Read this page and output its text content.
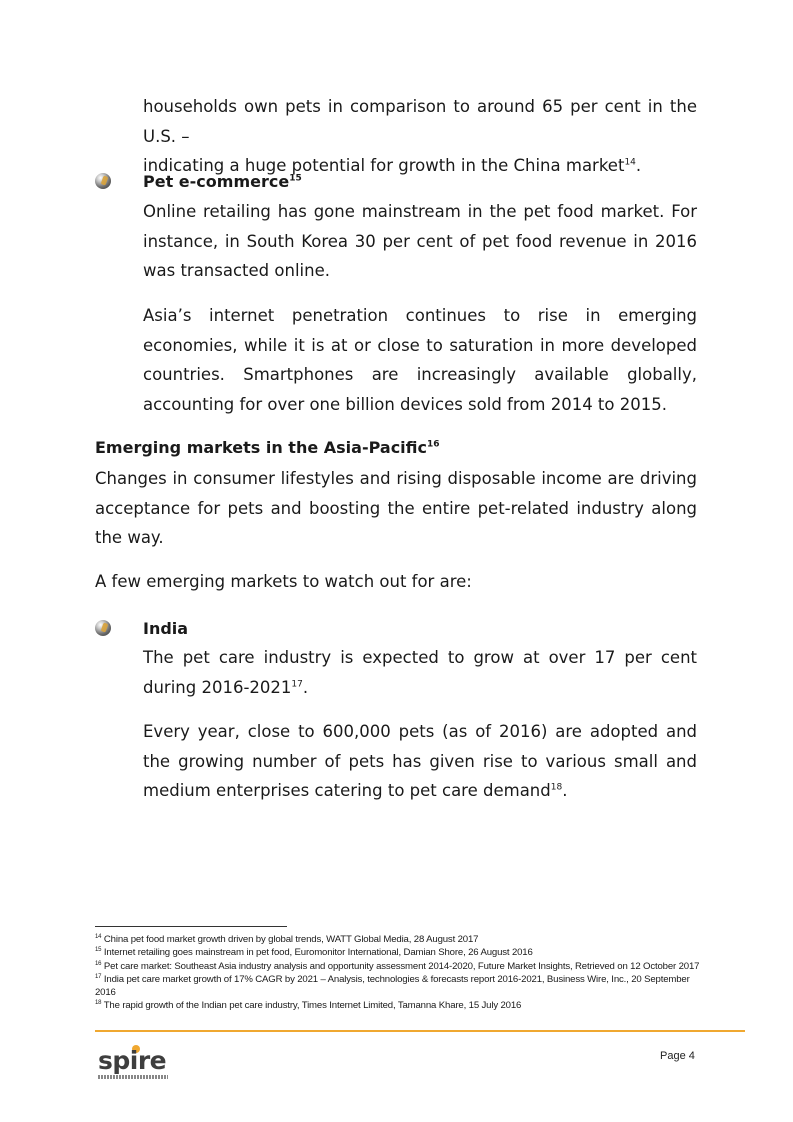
households own pets in comparison to around 65 per cent in the U.S. –
indicating a huge potential for growth in the China market$^{14}$.

Pet e-commerce$^{15}$

Online retailing has gone mainstream in the pet food market. For instance, in South Korea 30 per cent of pet food revenue in 2016 was transacted online.

Asia’s internet penetration continues to rise in emerging economies, while it is at or close to saturation in more developed countries. Smartphones are increasingly available globally, accounting for over one billion devices sold from 2014 to 2015.

Emerging markets in the Asia-Pacific$^{16}$

Changes in consumer lifestyles and rising disposable income are driving acceptance for pets and boosting the entire pet-related industry along the way.

A few emerging markets to watch out for are:

India

The pet care industry is expected to grow at over 17 per cent during 2016-2021$^{17}$.

Every year, close to 600,000 pets (as of 2016) are adopted and the growing number of pets has given rise to various small and medium enterprises catering to pet care demand$^{18}$.

$^{14}$ China pet food market growth driven by global trends, WATT Global Media, 28 August 2017
$^{15}$ Internet retailing goes mainstream in pet food, Euromonitor International, Damian Shore, 26 August 2016
$^{16}$ Pet care market: Southeast Asia industry analysis and opportunity assessment 2014-2020, Future Market Insights, Retrieved on 12 October 2017
$^{17}$ India pet care market growth of 17% CAGR by 2021 – Analysis, technologies & forecasts report 2016-2021, Business Wire, Inc., 20 September 2016
$^{18}$ The rapid growth of the Indian pet care industry, Times Internet Limited, Tamanna Khare, 15 July 2016
spire	Page 4
